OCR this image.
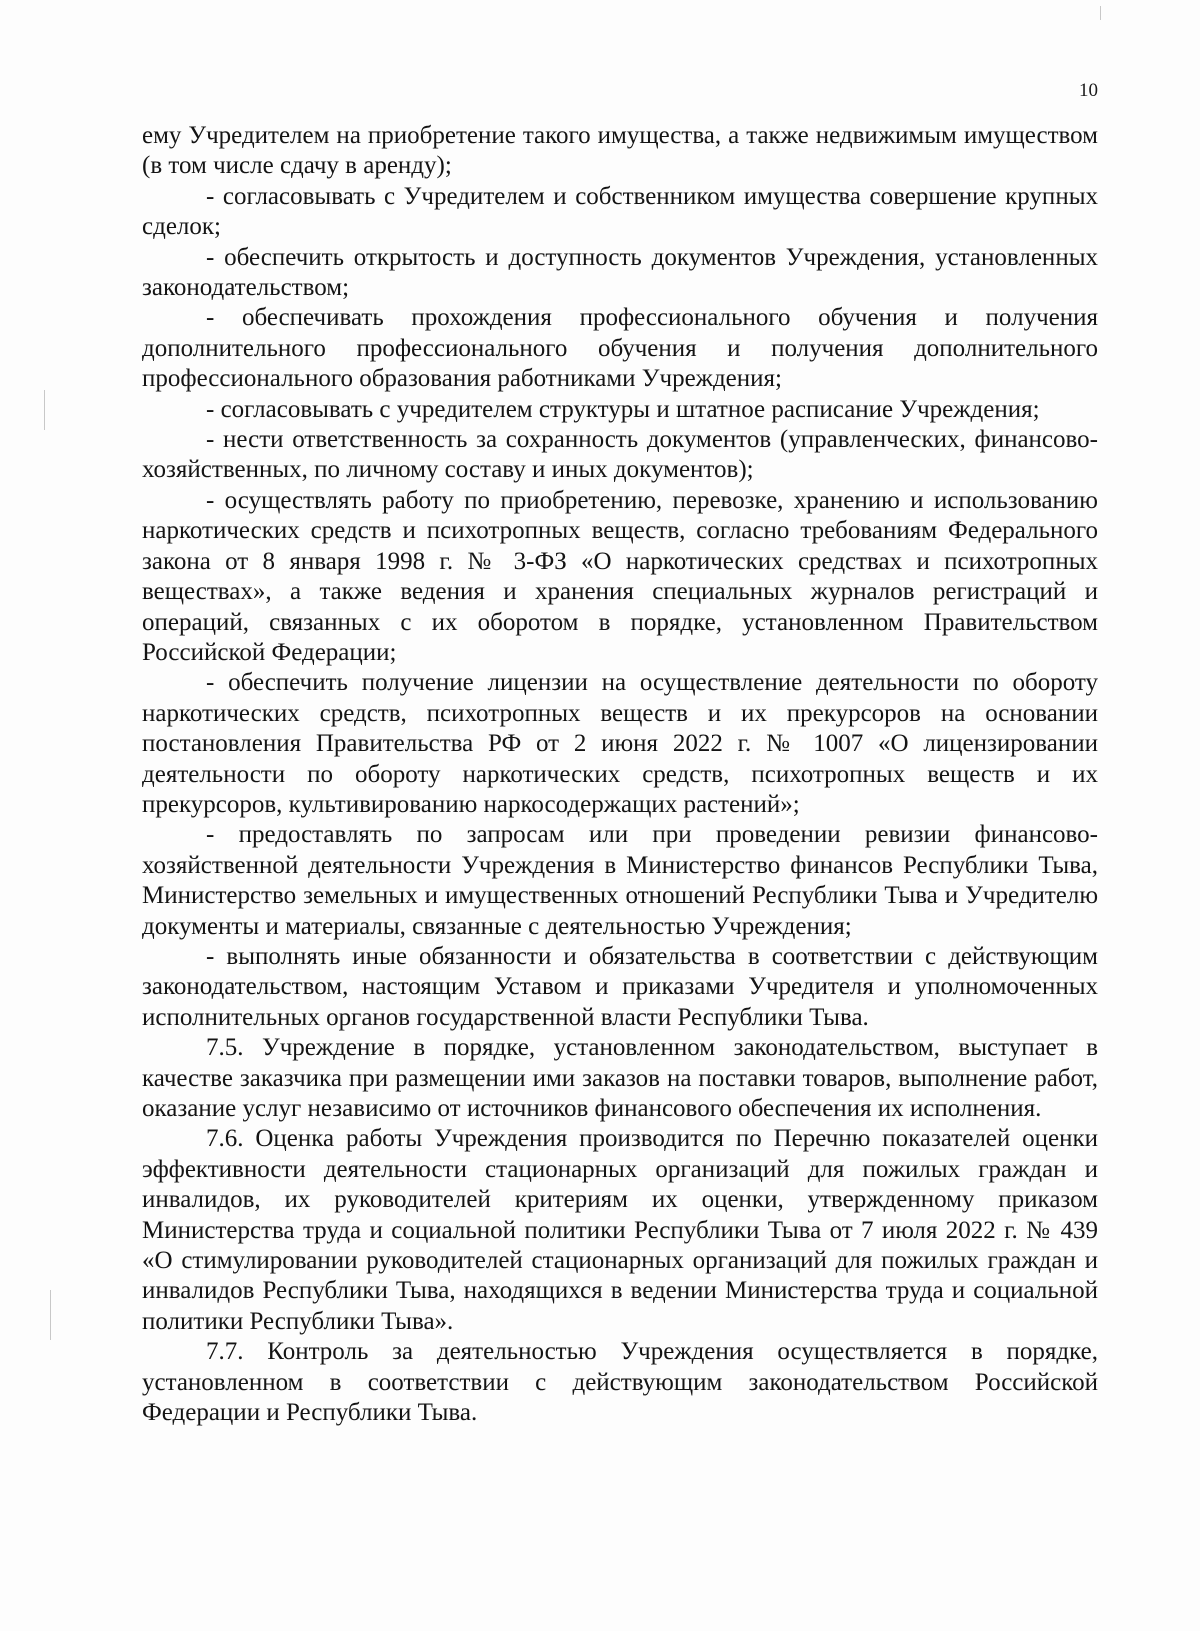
10

ему Учредителем на приобретение такого имущества, а также недвижимым имуществом (в том числе сдачу в аренду);

- согласовывать с Учредителем и собственником имущества совершение крупных сделок;

- обеспечить открытость и доступность документов Учреждения, установленных законодательством;

- обеспечивать прохождения профессионального обучения и получения дополнительного профессионального обучения и получения дополнительного профессионального образования работниками Учреждения;

- согласовывать с учредителем структуры и штатное расписание Учреждения;

- нести ответственность за сохранность документов (управленческих, финансово-хозяйственных, по личному составу и иных документов);

- осуществлять работу по приобретению, перевозке, хранению и использованию наркотических средств и психотропных веществ, согласно требованиям Федерального закона от 8 января 1998 г. № 3-ФЗ «О наркотических средствах и психотропных веществах», а также ведения и хранения специальных журналов регистраций и операций, связанных с их оборотом в порядке, установленном Правительством Российской Федерации;

- обеспечить получение лицензии на осуществление деятельности по обороту наркотических средств, психотропных веществ и их прекурсоров на основании постановления Правительства РФ от 2 июня 2022 г. № 1007 «О лицензировании деятельности по обороту наркотических средств, психотропных веществ и их прекурсоров, культивированию наркосодержащих растений»;

- предоставлять по запросам или при проведении ревизии финансово-хозяйственной деятельности Учреждения в Министерство финансов Республики Тыва, Министерство земельных и имущественных отношений Республики Тыва и Учредителю документы и материалы, связанные с деятельностью Учреждения;

- выполнять иные обязанности и обязательства в соответствии с действующим законодательством, настоящим Уставом и приказами Учредителя и уполномоченных исполнительных органов государственной власти Республики Тыва.

7.5. Учреждение в порядке, установленном законодательством, выступает в качестве заказчика при размещении ими заказов на поставки товаров, выполнение работ, оказание услуг независимо от источников финансового обеспечения их исполнения.

7.6. Оценка работы Учреждения производится по Перечню показателей оценки эффективности деятельности стационарных организаций для пожилых граждан и инвалидов, их руководителей критериям их оценки, утвержденному приказом Министерства труда и социальной политики Республики Тыва от 7 июля 2022 г. № 439 «О стимулировании руководителей стационарных организаций для пожилых граждан и инвалидов Республики Тыва, находящихся в ведении Министерства труда и социальной политики Республики Тыва».

7.7. Контроль за деятельностью Учреждения осуществляется в порядке, установленном в соответствии с действующим законодательством Российской Федерации и Республики Тыва.
